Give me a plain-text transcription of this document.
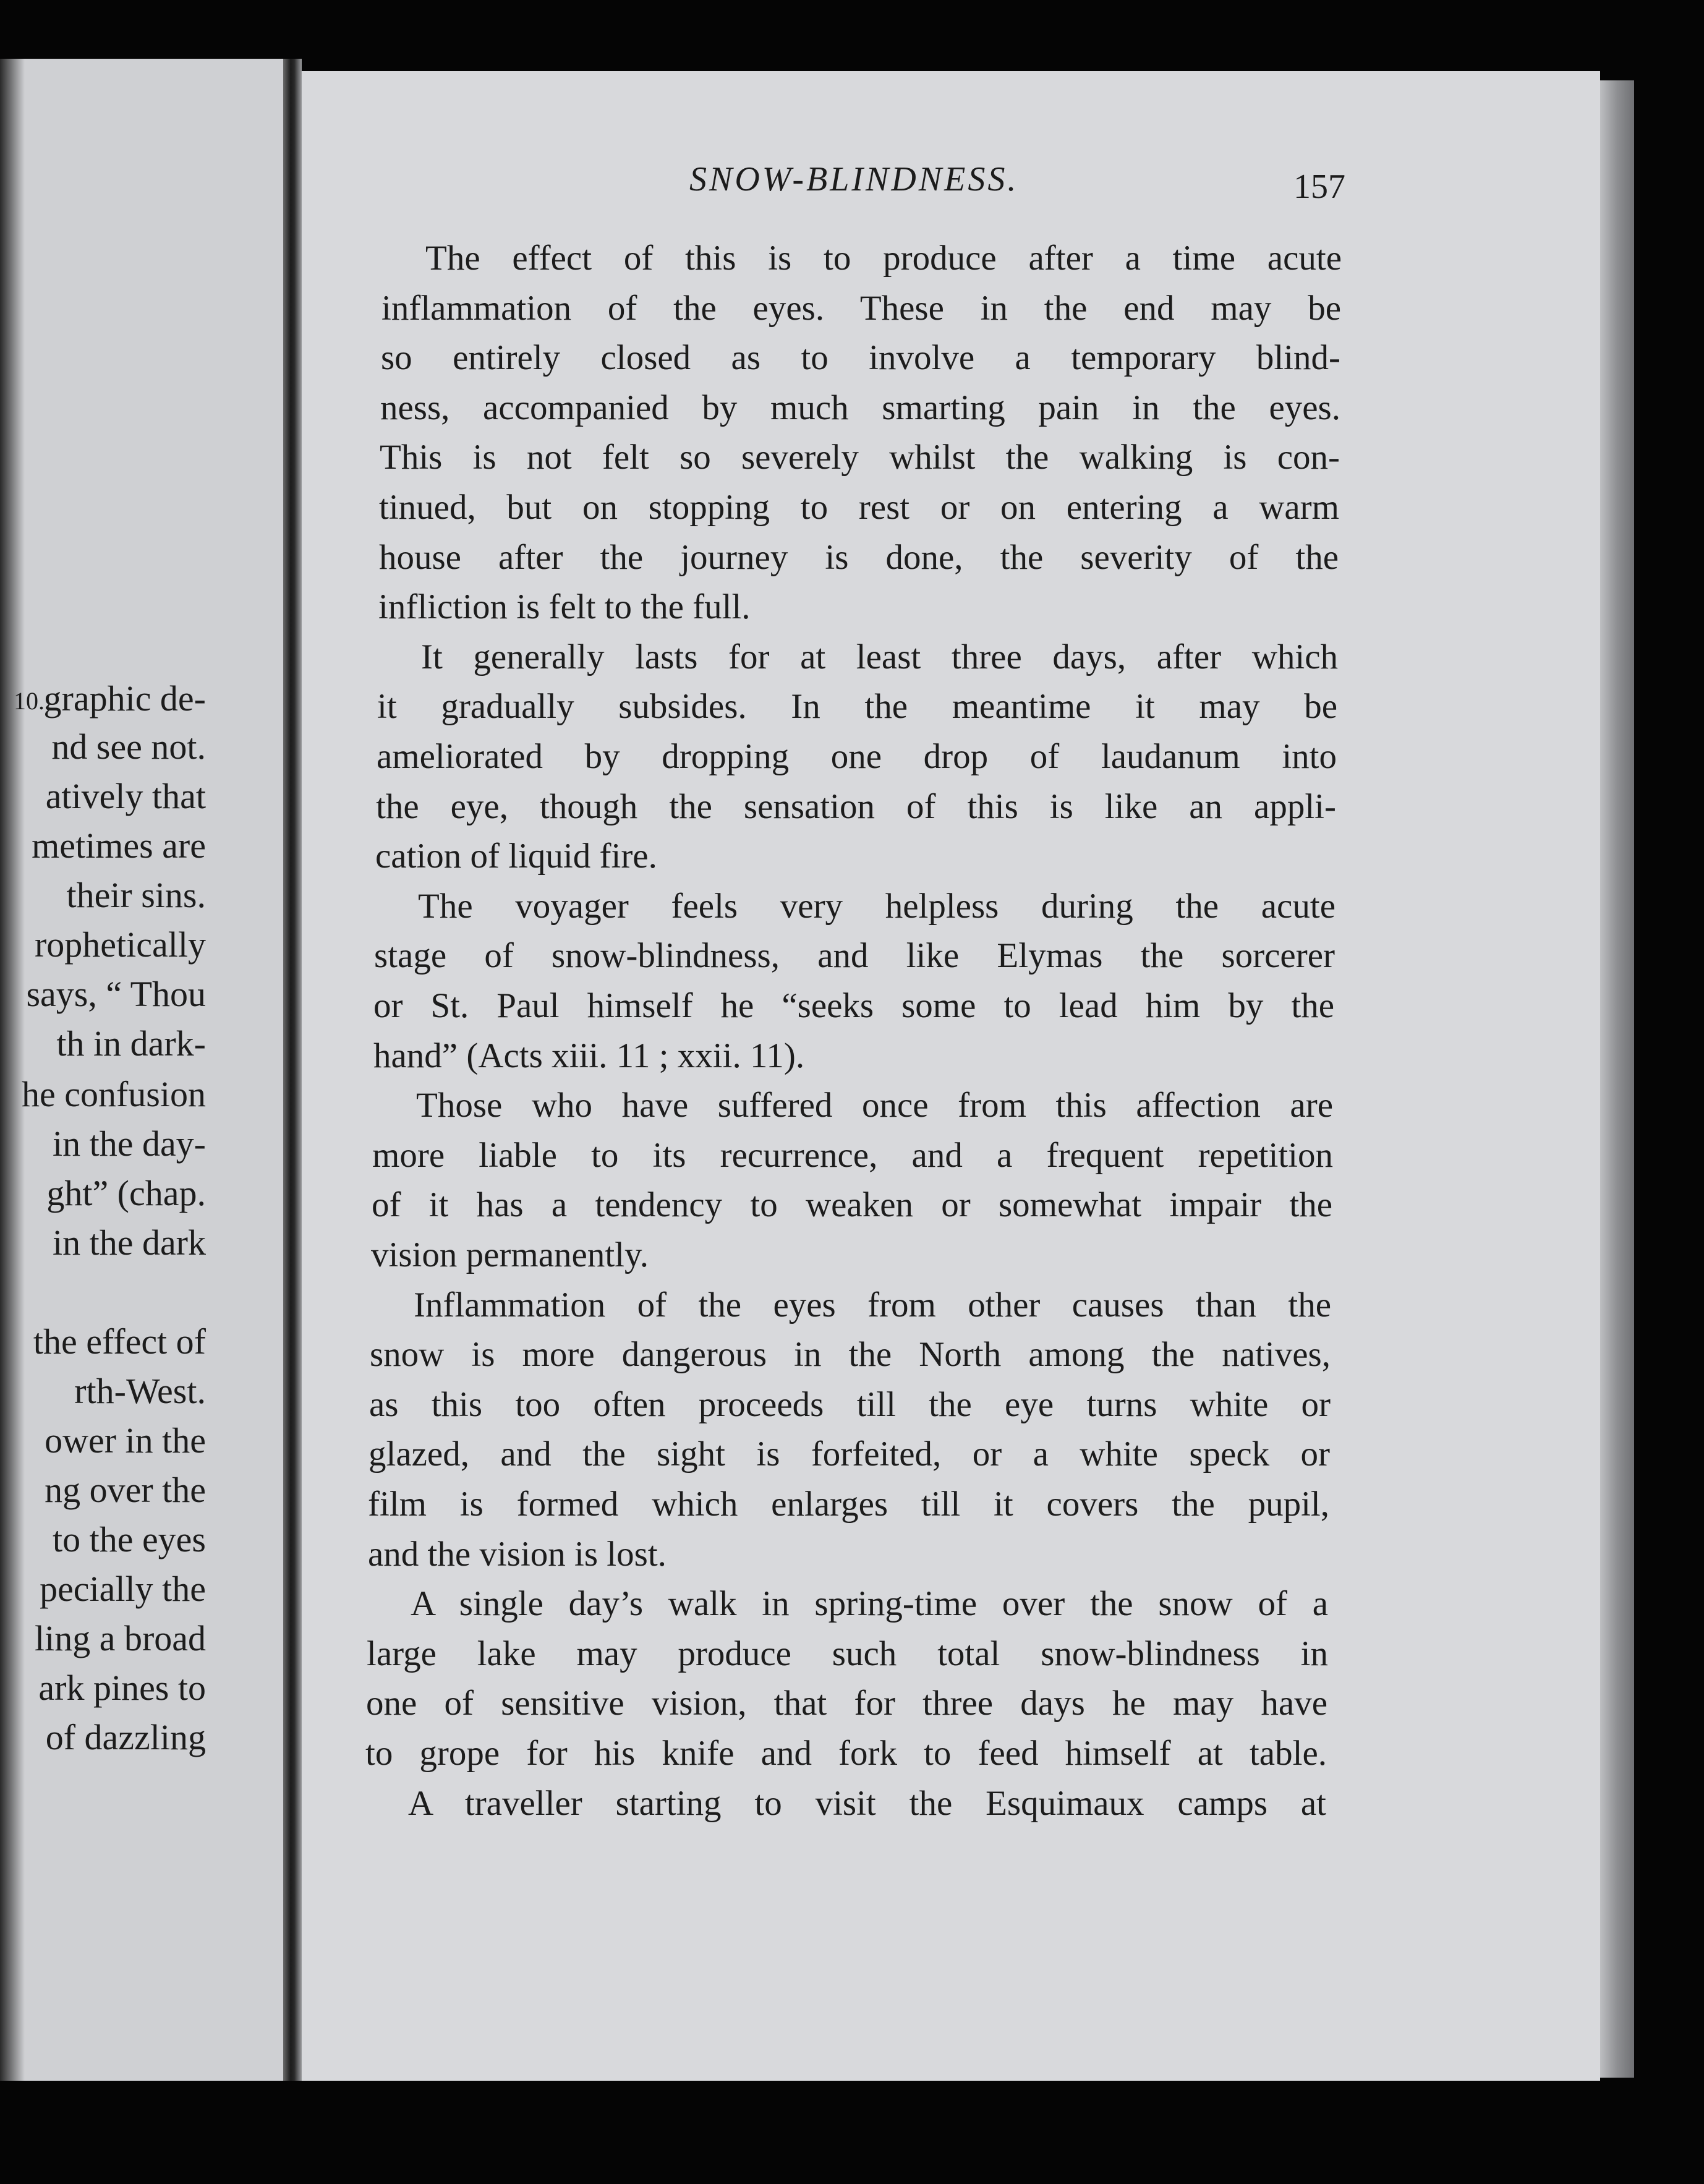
10.
graphic de-
nd see not.
atively that
metimes are
their sins.
rophetically
says, “ Thou
th in dark-
he confusion
in the day-
ght” (chap.
in the dark
the effect of
rth-West.
ower in the
ng over the
to the eyes
pecially the
ling a broad
ark pines to
of dazzling
SNOW-BLINDNESS.	157
The effect of this is to produce after a time acute
inflammation of the eyes. These in the end may be
so entirely closed as to involve a temporary blind-
ness, accompanied by much smarting pain in the eyes.
This is not felt so severely whilst the walking is con-
tinued, but on stopping to rest or on entering a warm
house after the journey is done, the severity of the
infliction is felt to the full.
It generally lasts for at least three days, after which
it gradually subsides. In the meantime it may be
ameliorated by dropping one drop of laudanum into
the eye, though the sensation of this is like an appli-
cation of liquid fire.
The voyager feels very helpless during the acute
stage of snow-blindness, and like Elymas the sorcerer
or St. Paul himself he “seeks some to lead him by the
hand” (Acts xiii. 11 ; xxii. 11).
Those who have suffered once from this affection are
more liable to its recurrence, and a frequent repetition
of it has a tendency to weaken or somewhat impair the
vision permanently.
Inflammation of the eyes from other causes than the
snow is more dangerous in the North among the natives,
as this too often proceeds till the eye turns white or
glazed, and the sight is forfeited, or a white speck or
film is formed which enlarges till it covers the pupil,
and the vision is lost.
A single day’s walk in spring-time over the snow of a
large lake may produce such total snow-blindness in
one of sensitive vision, that for three days he may have
to grope for his knife and fork to feed himself at table.
A traveller starting to visit the Esquimaux camps at
